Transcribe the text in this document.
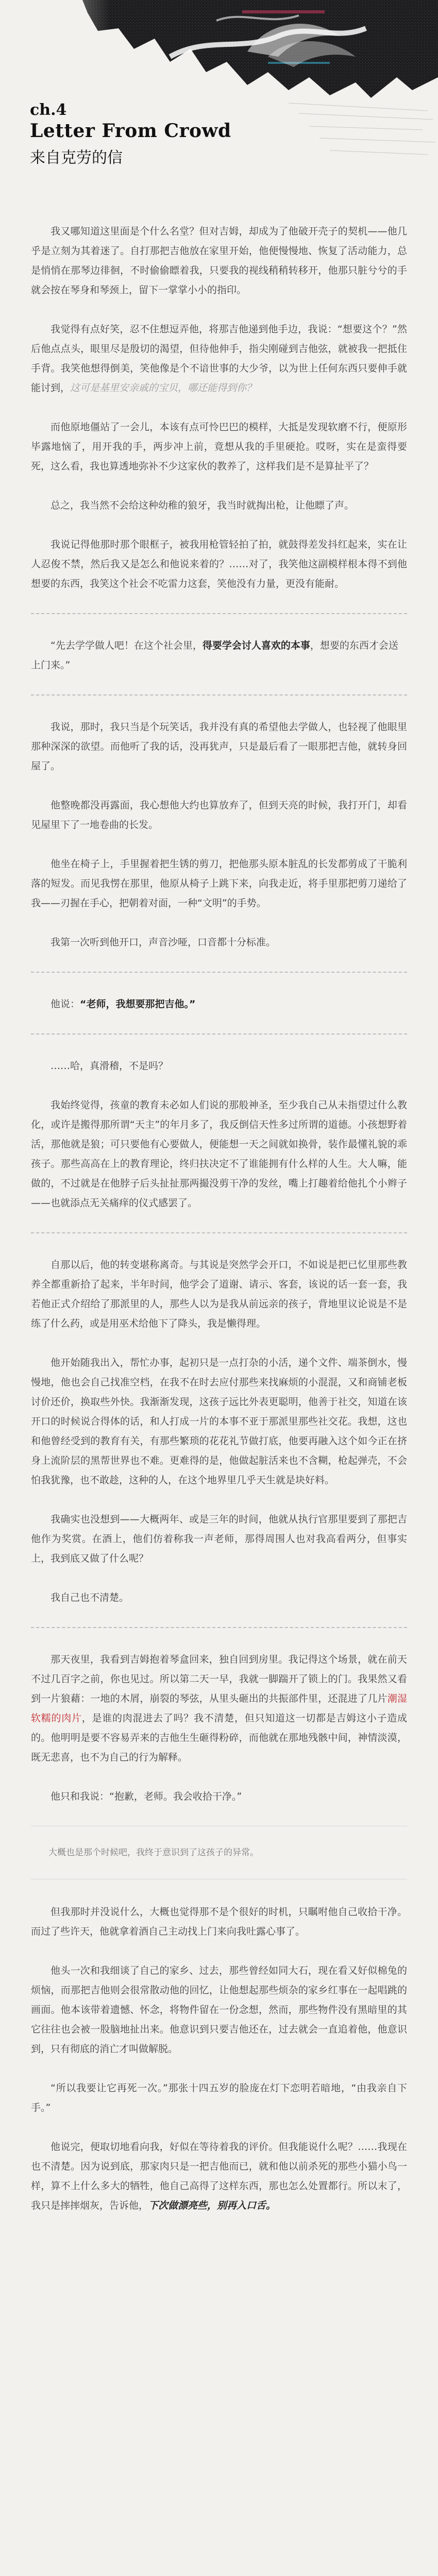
ch.4
Letter From Crowd
来自克劳的信

我又哪知道这里面是个什么名堂？但对吉姆，却成为了他破开壳子的契机——他几乎是立刻为其着迷了。自打那把吉他放在家里开始，他便慢慢地、恢复了活动能力，总是悄悄在那琴边徘徊，不时偷偷瞟着我，只要我的视线稍稍转移开，他那只脏兮兮的手就会按在琴身和琴颈上，留下一掌掌小小的指印。

我觉得有点好笑，忍不住想逗弄他，将那吉他递到他手边，我说：“想要这个？”然后他点点头，眼里尽是殷切的渴望，但待他伸手，指尖刚碰到吉他弦，就被我一把抵住手背。我笑他想得倒美，笑他像是个不谙世事的大少爷，以为世上任何东西只要伸手就能讨到，这可是基里安亲戚的宝贝，哪还能得到你？

而他原地僵站了一会儿，本该有点可怜巴巴的模样，大抵是发现软磨不行，便原形毕露地恼了，用开我的手，两步冲上前，竟想从我的手里硬抢。哎呀，实在是蛮得要死，这么看，我也算透地弥补不少这家伙的教养了，这样我们是不是算扯平了？

总之，我当然不会给这种幼稚的狼牙，我当时就掏出枪，让他瞟了声。

我说记得他那时那个眼框子，被我用枪管轻拍了拍，就鼓得差发抖红起来，实在让人忍俊不禁，然后我又是怎么和他说来着的？……对了，我笑他这副模样根本得不到他想要的东西，我笑这个社会不吃雷力这套，笑他没有力量，更没有能耐。

“先去学学做人吧！在这个社会里，得要学会讨人喜欢的本事，想要的东西才会送上门来。”

我说，那时，我只当是个玩笑话，我并没有真的希望他去学做人，也轻视了他眼里那种深深的欲望。而他听了我的话，没再犹声，只是最后看了一眼那把吉他，就转身回屋了。

他整晚都没再露面，我心想他大约也算放弃了，但到天亮的时候，我打开门，却看见屋里下了一地卷曲的长发。

他坐在椅子上，手里握着把生锈的剪刀，把他那头原本脏乱的长发都剪成了干脆利落的短发。而见我愣在那里，他原从椅子上跳下来，向我走近，将手里那把剪刀递给了我——刃握在手心，把朝着对面，一种“文明”的手势。

我第一次听到他开口，声音沙哑，口音都十分标准。

他说：“老师，我想要那把吉他。”

……哈，真滑稽，不是吗？

我始终觉得，孩童的教育未必如人们说的那般神圣，至少我自己从未指望过什么教化，或许是搬得那所谓“天主”的年月多了，我反倒信天性多过所谓的道德。小孩想野着活，那他就是狼；可只要他有心要做人，便能想一天之间就如换骨，装作最懂礼貌的乖孩子。那些高高在上的教育理论，终归扶决定不了谁能拥有什么样的人生。大人嘛，能做的，不过就是在他脖子后头扯扯那两撮没剪干净的发丝，嘴上打趣着给他扎个小辫子——也就添点无关痛痒的仪式感罢了。

自那以后，他的转变堪称离奇。与其说是突然学会开口，不如说是把已忆里那些教养全都重新拾了起来，半年时间，他学会了道谢、请示、客套，该说的话一套一套，我若他正式介绍给了那派里的人，那些人以为是我从前远亲的孩子，背地里议论说是不是练了什么药，或是用巫术给他下了降头，我是懒得理。

他开始随我出入，帮忙办事，起初只是一点打杂的小活，递个文件、端茶倒水，慢慢地，他也会自己找准空档，在我不在时去应付那些来找麻烦的小混混，又和商铺老板讨价还价，换取些外快。我渐渐发现，这孩子远比外表更聪明，他善于社交，知道在该开口的时候说合得体的话，和人打成一片的本事不亚于那派里那些社交花。我想，这也和他曾经受到的教育有关，有那些繁琐的花花礼节做打底，他要再融入这个如今正在挤身上流阶层的黑帮世界也不难。更难得的是，他做起脏活来也不含糊，枪起弹壳，不会怕我犹豫，也不敢趁，这种的人，在这个地界里几乎天生就是块好料。

我确实也没想到——大概两年、或是三年的时间，他就从执行官那里要到了那把吉他作为奖赏。在酒上，他们仿着称我一声老师，那得周围人也对我高看两分，但事实上，我到底又做了什么呢？

我自己也不清楚。

那天夜里，我看到吉姆抱着琴盒回来，独自回到房里。我记得这个场景，就在前天不过几百字之前，你也见过。所以第二天一早，我就一脚踹开了锁上的门。我果然又看到一片狼藉：一地的木屑，崩裂的琴弦，从里头砸出的共振部件里，还混进了几片潮湿软糯的肉片，是谁的肉混进去了吗？我不清楚，但只知道这一切都是吉姆这小子造成的。他明明是要不容易弄来的吉他生生砸得粉碎，而他就在那地残骸中间，神情淡漠，既无悲喜，也不为自己的行为解释。

他只和我说：“抱歉，老师。我会收拾干净。”

大概也是那个时候吧，我终于意识到了这孩子的异常。

但我那时并没说什么，大概也觉得那不是个很好的时机，只瞩咐他自己收拾干净。而过了些许天，他就拿着酒自己主动找上门来向我吐露心事了。

他头一次和我细谈了自己的家乡、过去，那些曾经如同大石，现在看又好似棉兔的烦恼，而那把吉他则会很常散动他的回忆，让他想起那些烦杂的家乡红事在一起唱跳的画面。他本该带着遗憾、怀念，将物件留在一份念想，然而，那些物件没有黑暗里的其它往往也会被一股脑地扯出来。他意识到只要吉他还在，过去就会一直追着他，他意识到，只有彻底的消亡才叫做解脱。

“所以我要让它再死一次。”那张十四五岁的脸庞在灯下恋明若暗地，“由我亲自下手。”

他说完，便取切地看向我，好似在等待着我的评价。但我能说什么呢？……我现在也不清楚。因为说到底，那家肉只是一把吉他而已，就和他以前杀死的那些小猫小鸟一样，算不上什么多大的牺牲，他自己高得了这样东西，那也怎么处置都行。所以末了，我只是摔摔烟灰，告诉他，下次做漂亮些，别再入口舌。
